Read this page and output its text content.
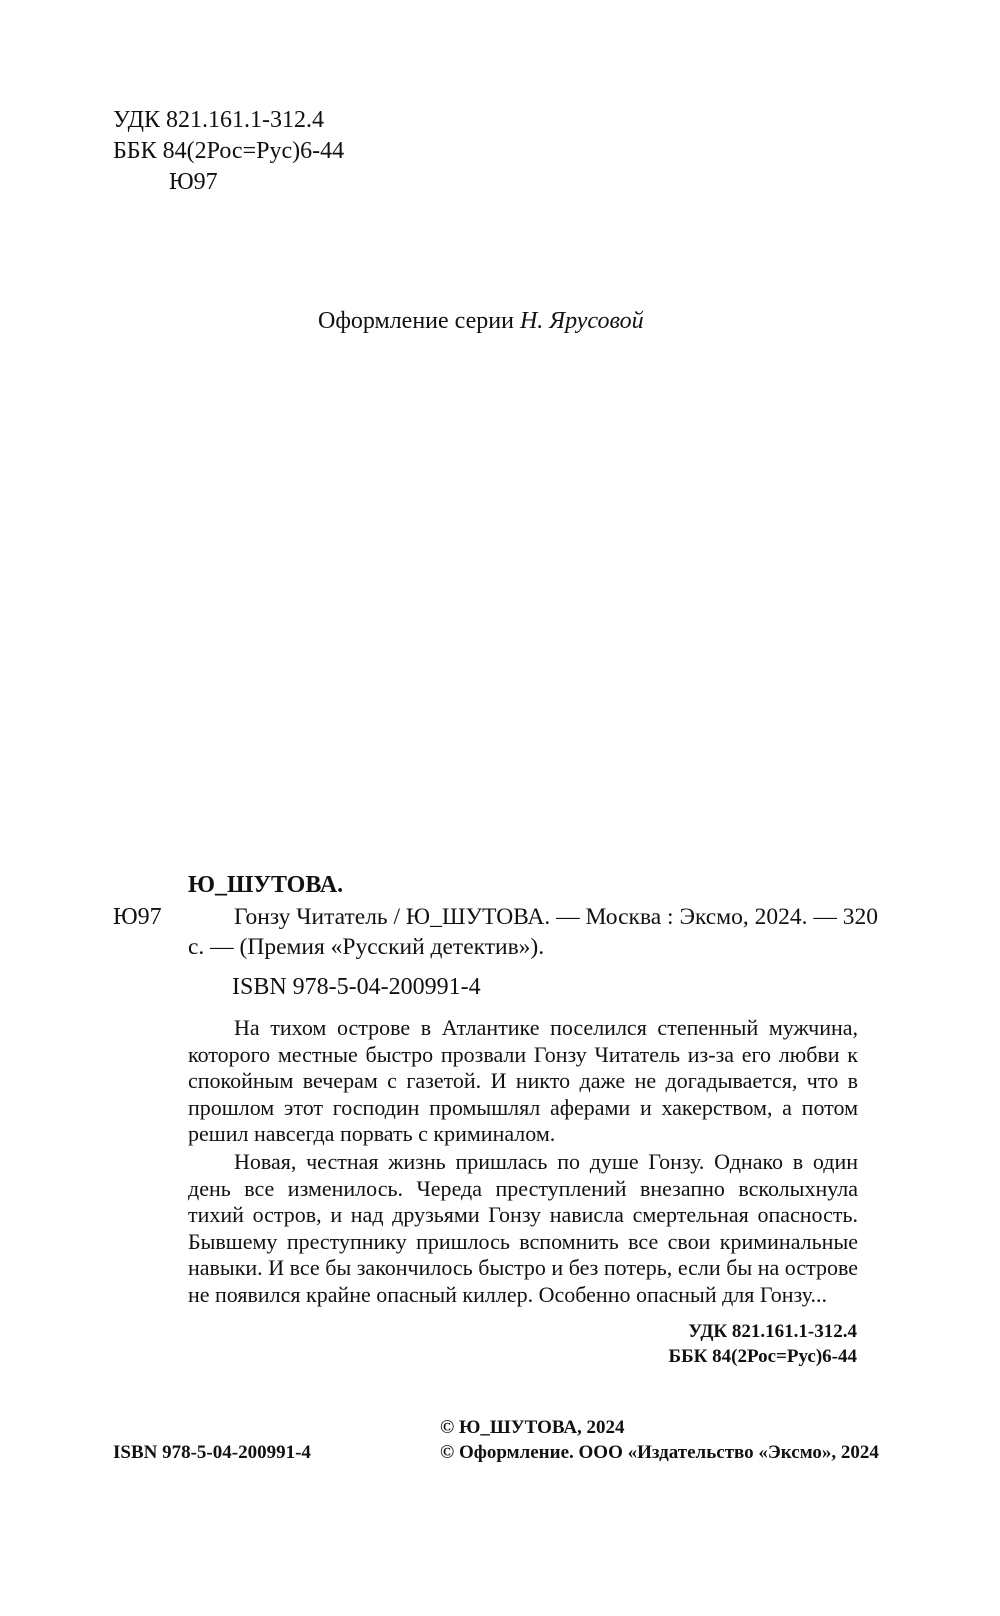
УДК 821.161.1-312.4
ББК 84(2Рос=Рус)6-44
Ю97
Оформление серии Н. Ярусовой
Ю_ШУТОВА.
Ю97	Гонзу Читатель / Ю_ШУТОВА. — Москва : Эксмо, 2024. — 320 с. — (Премия «Русский детектив»).

ISBN 978-5-04-200991-4

На тихом острове в Атлантике поселился степенный мужчина, которого местные быстро прозвали Гонзу Читатель из-за его любви к спокойным вечерам с газетой. И никто даже не догадывается, что в прошлом этот господин промышлял аферами и хакерством, а потом решил навсегда порвать с криминалом.

Новая, честная жизнь пришлась по душе Гонзу. Однако в один день все изменилось. Череда преступлений внезапно всколыхнула тихий остров, и над друзьями Гонзу нависла смертельная опасность. Бывшему преступнику пришлось вспомнить все свои криминальные навыки. И все бы закончилось быстро и без потерь, если бы на острове не появился крайне опасный киллер. Особенно опасный для Гонзу...

УДК 821.161.1-312.4
ББК 84(2Рос=Рус)6-44
ISBN 978-5-04-200991-4
© Ю_ШУТОВА, 2024
© Оформление. ООО «Издательство «Эксмо», 2024
